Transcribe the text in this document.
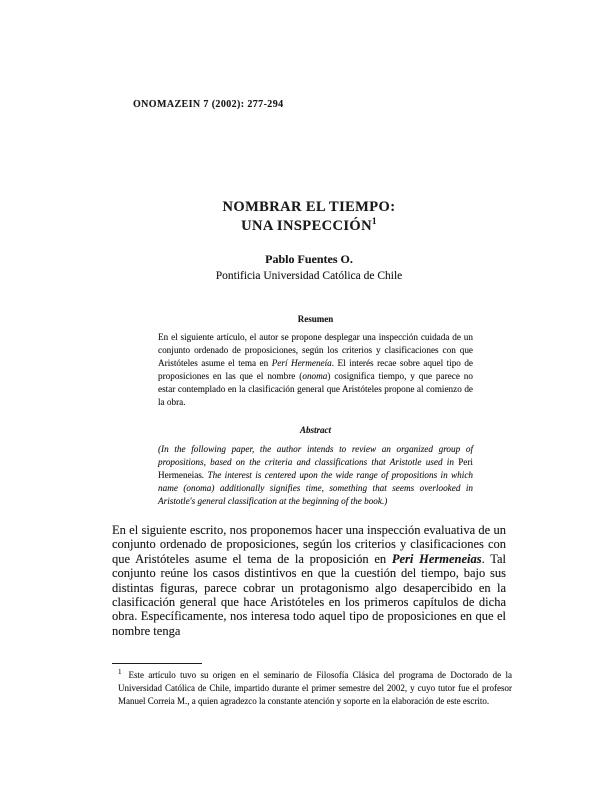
ONOMAZEIN 7 (2002): 277-294
NOMBRAR EL TIEMPO:
UNA INSPECCIÓN$^1$
Pablo Fuentes O.
Pontificia Universidad Católica de Chile
Resumen
En el siguiente artículo, el autor se propone desplegar una inspección cuidada de un conjunto ordenado de proposiciones, según los criterios y clasificaciones con que Aristóteles asume el tema en Perí Hermeneía. El interés recae sobre aquel tipo de proposiciones en las que el nombre (onoma) cosignifica tiempo, y que parece no estar contemplado en la clasificación general que Aristóteles propone al comienzo de la obra.
Abstract
(In the following paper, the author intends to review an organized group of propositions, based on the criteria and classifications that Aristotle used in Peri Hermeneias. The interest is centered upon the wide range of propositions in which name (onoma) additionally signifies time, something that seems overlooked in Aristotle's general classification at the beginning of the book.)
En el siguiente escrito, nos proponemos hacer una inspección evaluativa de un conjunto ordenado de proposiciones, según los criterios y clasificaciones con que Aristóteles asume el tema de la proposición en Peri Hermeneias. Tal conjunto reúne los casos distintivos en que la cuestión del tiempo, bajo sus distintas figuras, parece cobrar un protagonismo algo desapercibido en la clasificación general que hace Aristóteles en los primeros capítulos de dicha obra. Específicamente, nos interesa todo aquel tipo de proposiciones en que el nombre tenga
$^1$ Este artículo tuvo su origen en el seminario de Filosofía Clásica del programa de Doctorado de la Universidad Católica de Chile, impartido durante el primer semestre del 2002, y cuyo tutor fue el profesor Manuel Correia M., a quien agradezco la constante atención y soporte en la elaboración de este escrito.
